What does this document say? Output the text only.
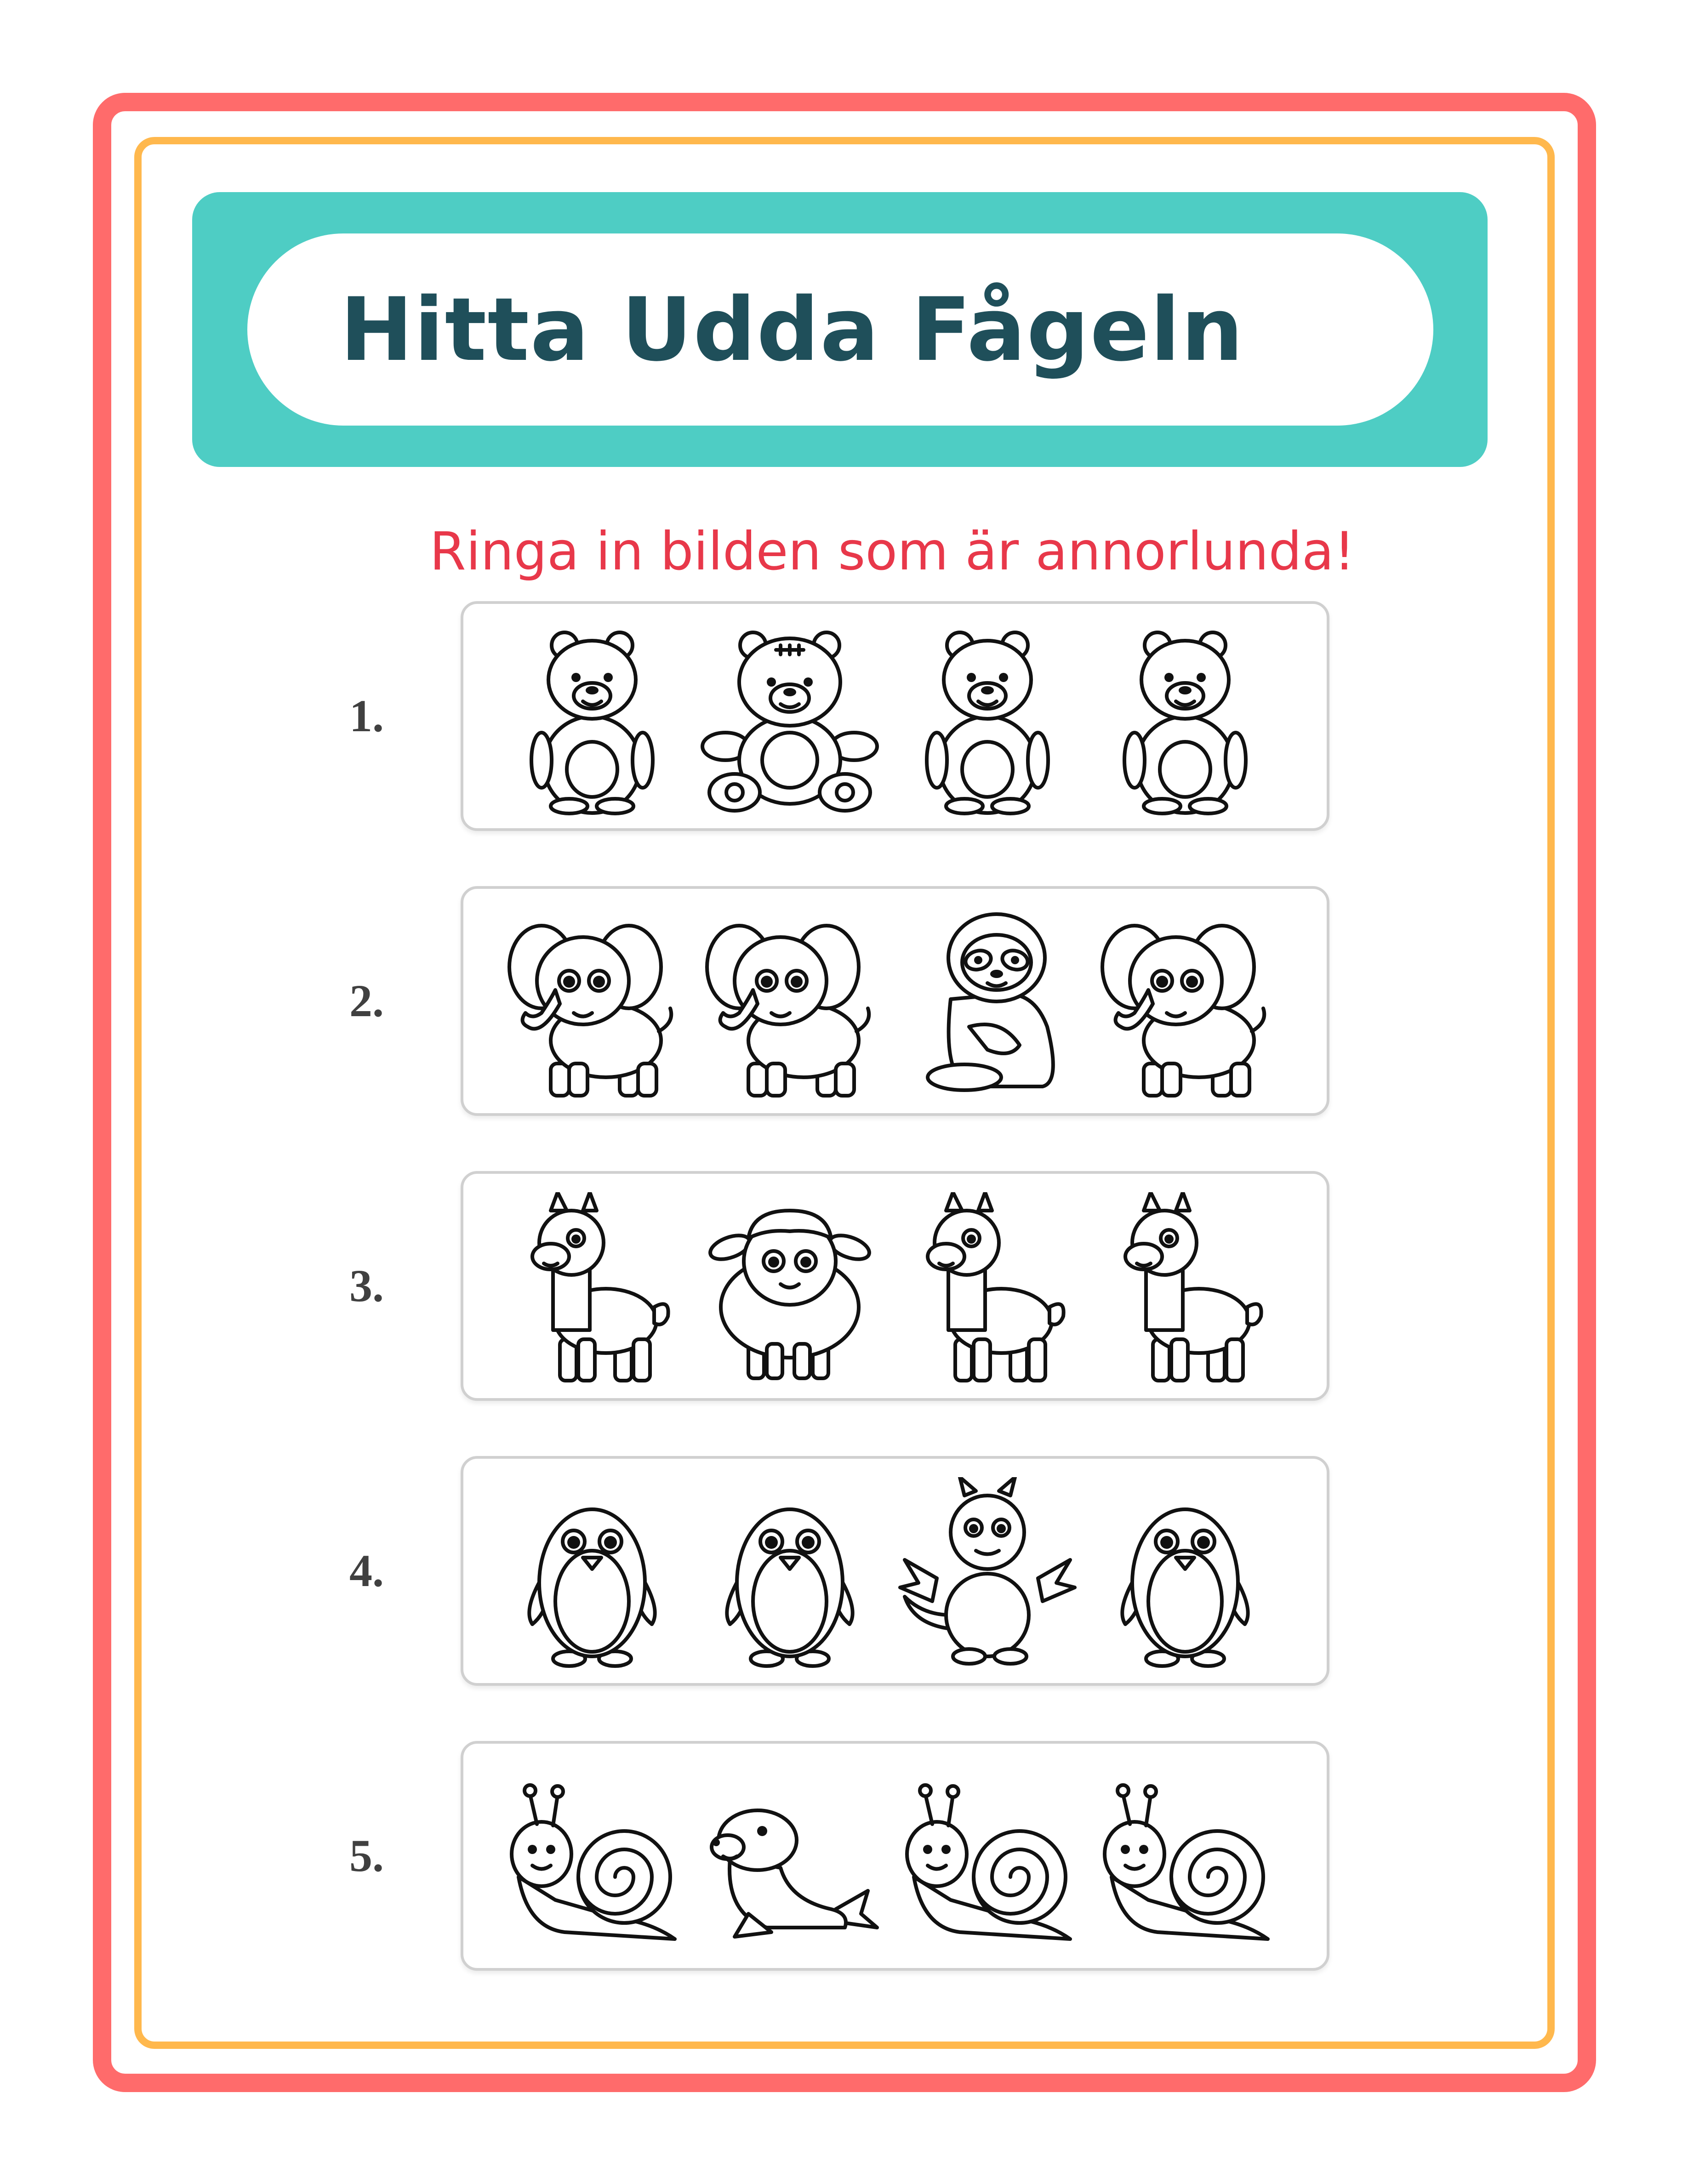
Hitta Udda Fågeln
Ringa in bilden som är annorlunda!
1.
2.
3.
4.
5.
